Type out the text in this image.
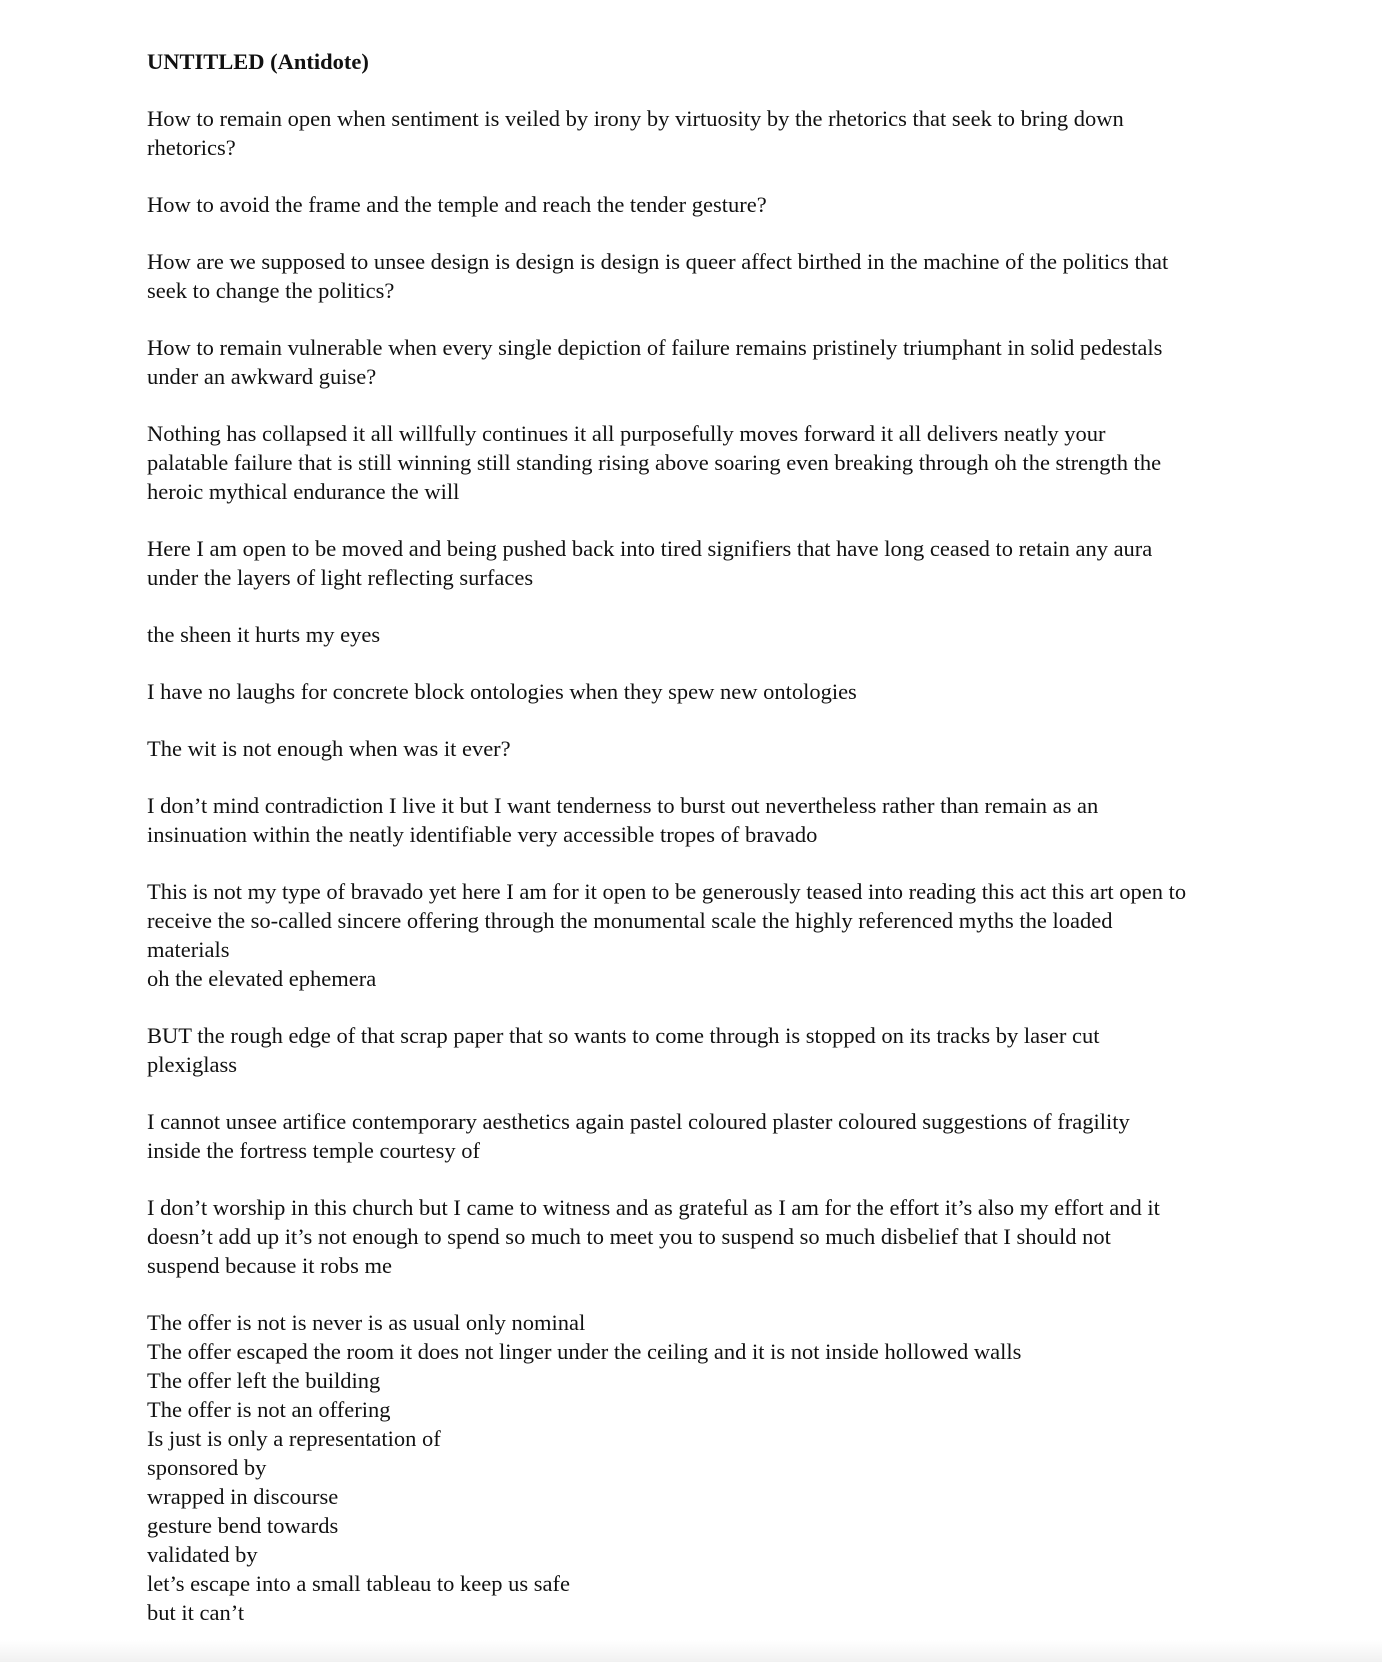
UNTITLED (Antidote)
How to remain open when sentiment is veiled by irony by virtuosity by the rhetorics that seek to bring down
rhetorics?
How to avoid the frame and the temple and reach the tender gesture?
How are we supposed to unsee design is design is design is queer affect birthed in the machine of the politics that
seek to change the politics?
How to remain vulnerable when every single depiction of failure remains pristinely triumphant in solid pedestals
under an awkward guise?
Nothing has collapsed it all willfully continues it all purposefully moves forward it all delivers neatly your
palatable failure that is still winning still standing rising above soaring even breaking through oh the strength the
heroic mythical endurance the will
Here I am open to be moved and being pushed back into tired signifiers that have long ceased to retain any aura
under the layers of light reflecting surfaces
the sheen it hurts my eyes
I have no laughs for concrete block ontologies when they spew new ontologies
The wit is not enough when was it ever?
I don’t mind contradiction I live it but I want tenderness to burst out nevertheless rather than remain as an
insinuation within the neatly identifiable very accessible tropes of bravado
This is not my type of bravado yet here I am for it open to be generously teased into reading this act this art open to
receive the so-called sincere offering through the monumental scale the highly referenced myths the loaded
materials
oh the elevated ephemera
BUT the rough edge of that scrap paper that so wants to come through is stopped on its tracks by laser cut
plexiglass
I cannot unsee artifice contemporary aesthetics again pastel coloured plaster coloured suggestions of fragility
inside the fortress temple courtesy of
I don’t worship in this church but I came to witness and as grateful as I am for the effort it’s also my effort and it
doesn’t add up it’s not enough to spend so much to meet you to suspend so much disbelief that I should not
suspend because it robs me
The offer is not is never is as usual only nominal
The offer escaped the room it does not linger under the ceiling and it is not inside hollowed walls
The offer left the building
The offer is not an offering
Is just is only a representation of
sponsored by
wrapped in discourse
gesture bend towards
validated by
let’s escape into a small tableau to keep us safe
but it can’t
